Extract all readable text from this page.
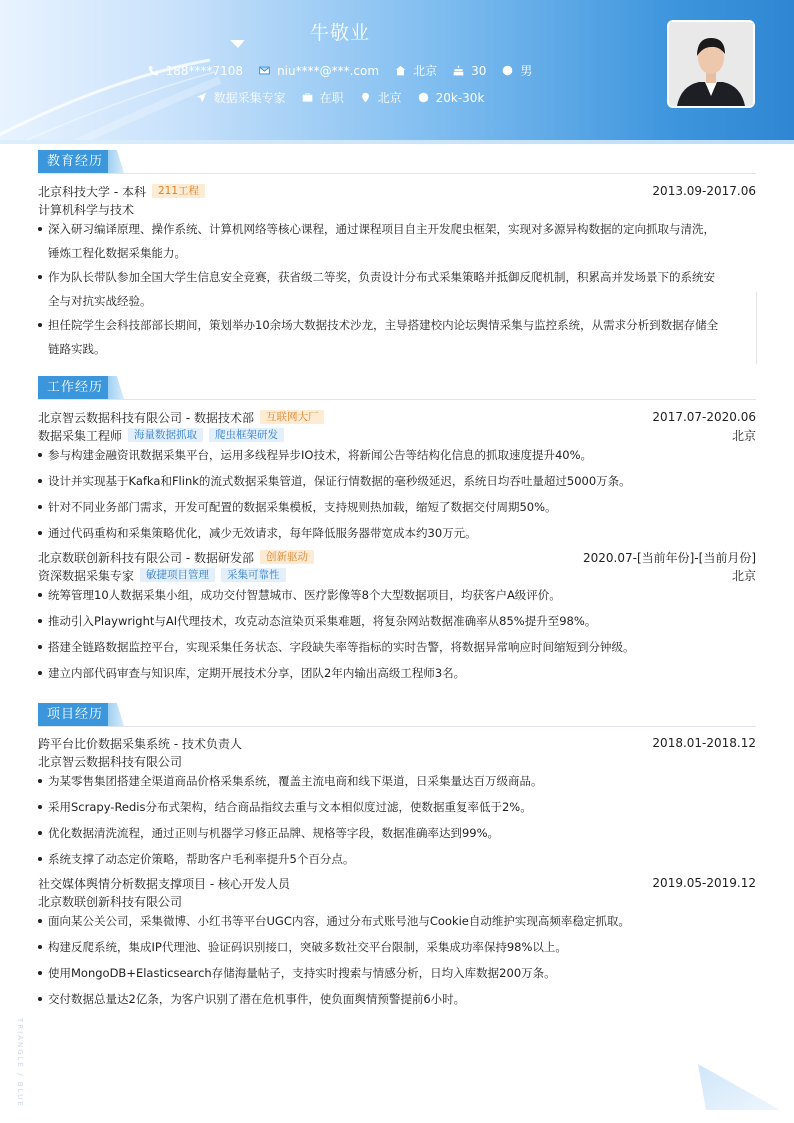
牛敬业
188****7108	niu****@***.com	北京	30	男
数据采集专家	在职	北京	20k-30k
教育经历
北京科技大学 - 本科	211工程	2013.09-2017.06
计算机科学与技术
深入研习编译原理、操作系统、计算机网络等核心课程，通过课程项目自主开发爬虫框架，实现对多源异构数据的定向抓取与清洗，
锤炼工程化数据采集能力。
作为队长带队参加全国大学生信息安全竞赛，获省级二等奖，负责设计分布式采集策略并抵御反爬机制，积累高并发场景下的系统安
全与对抗实战经验。
担任院学生会科技部部长期间，策划举办10余场大数据技术沙龙，主导搭建校内论坛舆情采集与监控系统，从需求分析到数据存储全
链路实践。
工作经历
北京智云数据科技有限公司 - 数据技术部	互联网大厂	2017.07-2020.06
数据采集工程师	海量数据抓取	爬虫框架研发	北京
参与构建金融资讯数据采集平台，运用多线程异步IO技术，将新闻公告等结构化信息的抓取速度提升40%。
设计并实现基于Kafka和Flink的流式数据采集管道，保证行情数据的毫秒级延迟，系统日均吞吐量超过5000万条。
针对不同业务部门需求，开发可配置的数据采集模板，支持规则热加载，缩短了数据交付周期50%。
通过代码重构和采集策略优化，减少无效请求，每年降低服务器带宽成本约30万元。
北京数联创新科技有限公司 - 数据研发部	创新驱动	2020.07-[当前年份]-[当前月份]
资深数据采集专家	敏捷项目管理	采集可靠性	北京
统筹管理10人数据采集小组，成功交付智慧城市、医疗影像等8个大型数据项目，均获客户A级评价。
推动引入Playwright与AI代理技术，攻克动态渲染页采集难题，将复杂网站数据准确率从85%提升至98%。
搭建全链路数据监控平台，实现采集任务状态、字段缺失率等指标的实时告警，将数据异常响应时间缩短到分钟级。
建立内部代码审查与知识库，定期开展技术分享，团队2年内输出高级工程师3名。
项目经历
跨平台比价数据采集系统 - 技术负责人	2018.01-2018.12
北京智云数据科技有限公司
为某零售集团搭建全渠道商品价格采集系统，覆盖主流电商和线下渠道，日采集量达百万级商品。
采用Scrapy-Redis分布式架构，结合商品指纹去重与文本相似度过滤，使数据重复率低于2%。
优化数据清洗流程，通过正则与机器学习修正品牌、规格等字段，数据准确率达到99%。
系统支撑了动态定价策略，帮助客户毛利率提升5个百分点。
社交媒体舆情分析数据支撑项目 - 核心开发人员	2019.05-2019.12
北京数联创新科技有限公司
面向某公关公司，采集微博、小红书等平台UGC内容，通过分布式账号池与Cookie自动维护实现高频率稳定抓取。
构建反爬系统，集成IP代理池、验证码识别接口，突破多数社交平台限制，采集成功率保持98%以上。
使用MongoDB+Elasticsearch存储海量帖子，支持实时搜索与情感分析，日均入库数据200万条。
交付数据总量达2亿条，为客户识别了潜在危机事件，使负面舆情预警提前6小时。
TRIANGLE / BLUE
